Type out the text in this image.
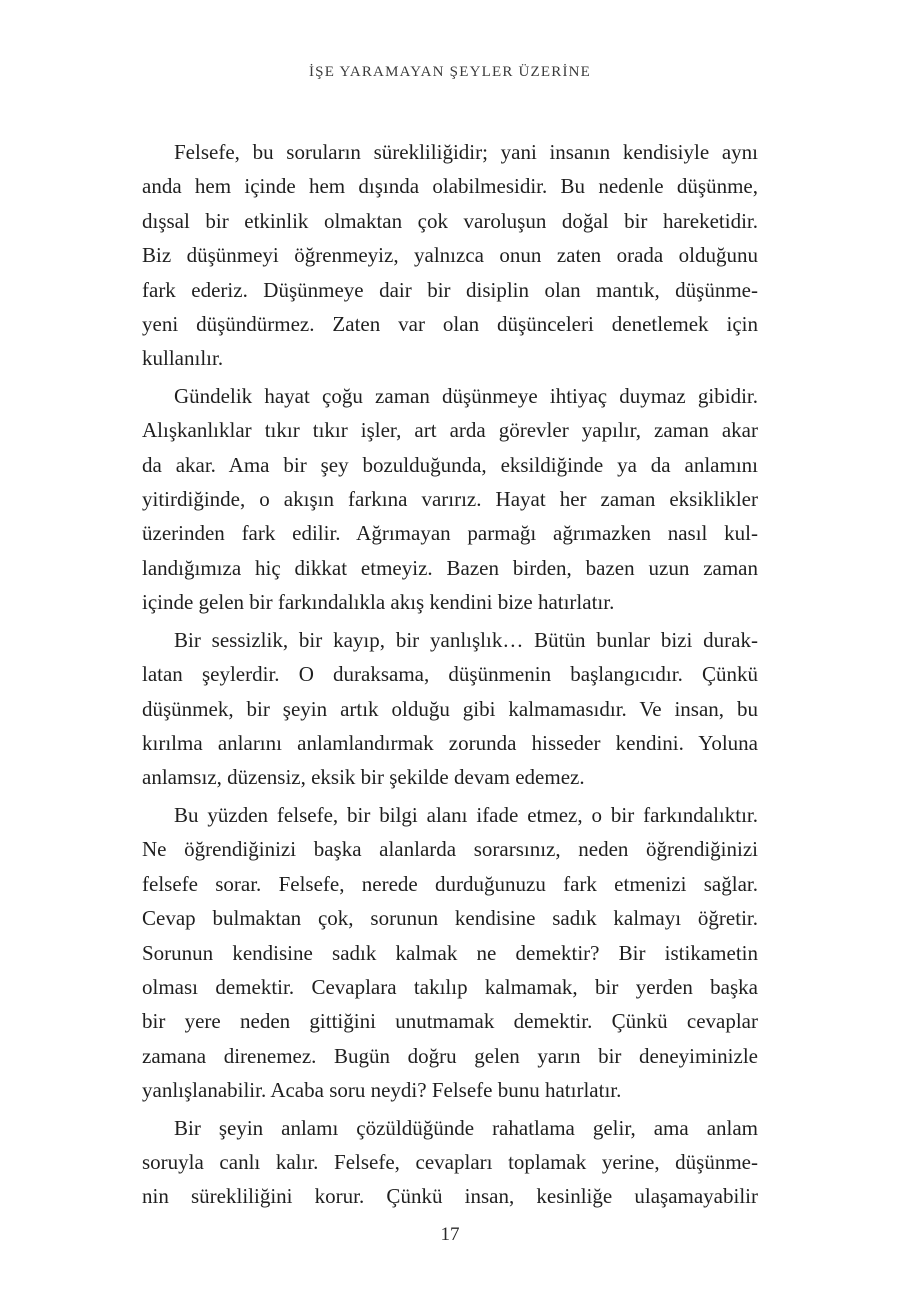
İŞE YARAMAYAN ŞEYLER ÜZERİNE
Felsefe, bu soruların sürekliliğidir; yani insanın kendisiyle aynı
anda hem içinde hem dışında olabilmesidir. Bu nedenle düşünme,
dışsal bir etkinlik olmaktan çok varoluşun doğal bir hareketidir.
Biz düşünmeyi öğrenmeyiz, yalnızca onun zaten orada olduğunu
fark ederiz. Düşünmeye dair bir disiplin olan mantık, düşünme-
yeni düşündürmez. Zaten var olan düşünceleri denetlemek için
kullanılır.
Gündelik hayat çoğu zaman düşünmeye ihtiyaç duymaz gibidir.
Alışkanlıklar tıkır tıkır işler, art arda görevler yapılır, zaman akar
da akar. Ama bir şey bozulduğunda, eksildiğinde ya da anlamını
yitirdiğinde, o akışın farkına varırız. Hayat her zaman eksiklikler
üzerinden fark edilir. Ağrımayan parmağı ağrımazken nasıl kul-
landığımıza hiç dikkat etmeyiz. Bazen birden, bazen uzun zaman
içinde gelen bir farkındalıkla akış kendini bize hatırlatır.
Bir sessizlik, bir kayıp, bir yanlışlık… Bütün bunlar bizi durak-
latan şeylerdir. O duraksama, düşünmenin başlangıcıdır. Çünkü
düşünmek, bir şeyin artık olduğu gibi kalmamasıdır. Ve insan, bu
kırılma anlarını anlamlandırmak zorunda hisseder kendini. Yoluna
anlamsız, düzensiz, eksik bir şekilde devam edemez.
Bu yüzden felsefe, bir bilgi alanı ifade etmez, o bir farkındalıktır.
Ne öğrendiğinizi başka alanlarda sorarsınız, neden öğrendiğinizi
felsefe sorar. Felsefe, nerede durduğunuzu fark etmenizi sağlar.
Cevap bulmaktan çok, sorunun kendisine sadık kalmayı öğretir.
Sorunun kendisine sadık kalmak ne demektir? Bir istikametin
olması demektir. Cevaplara takılıp kalmamak, bir yerden başka
bir yere neden gittiğini unutmamak demektir. Çünkü cevaplar
zamana direnemez. Bugün doğru gelen yarın bir deneyiminizle
yanlışlanabilir. Acaba soru neydi? Felsefe bunu hatırlatır.
Bir şeyin anlamı çözüldüğünde rahatlama gelir, ama anlam
soruyla canlı kalır. Felsefe, cevapları toplamak yerine, düşünme-
nin sürekliliğini korur. Çünkü insan, kesinliğe ulaşamayabilir
17
